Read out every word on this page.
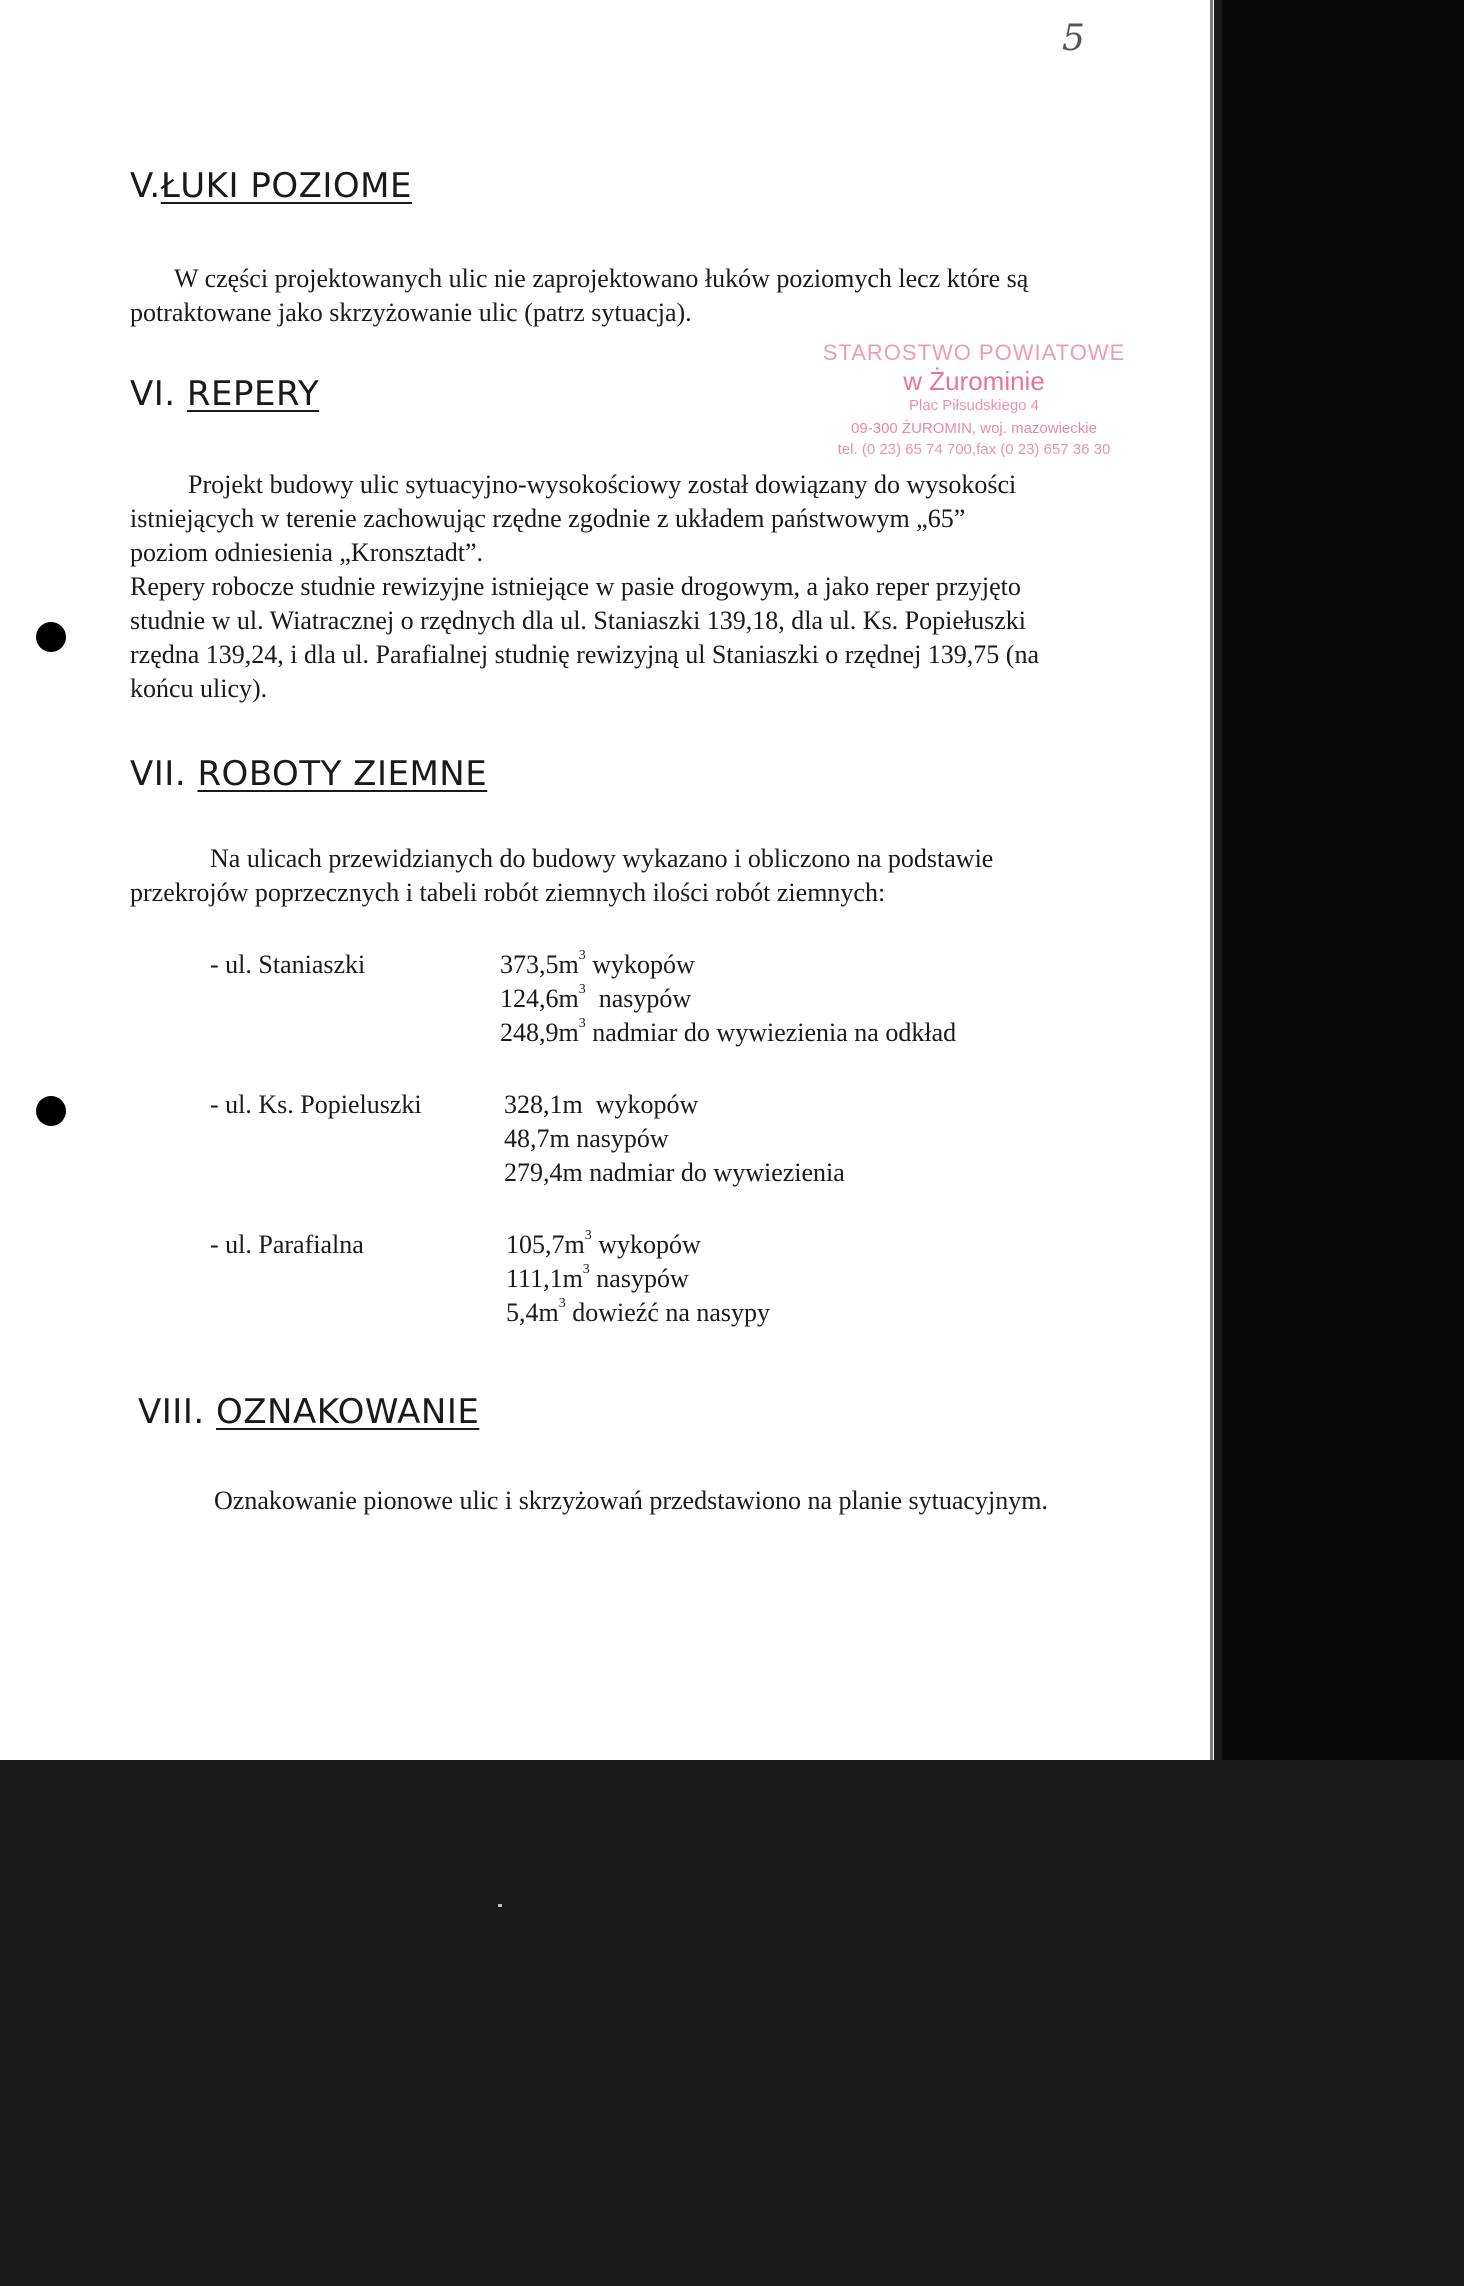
5
V.ŁUKI POZIOME
W części projektowanych ulic nie zaprojektowano łuków poziomych lecz które są potraktowane jako skrzyżowanie ulic (patrz sytuacja).
VI. REPERY
Projekt budowy ulic sytuacyjno-wysokościowy został dowiązany do wysokości
istniejących w terenie zachowując rzędne zgodnie z układem państwowym „65”
poziom odniesienia „Kronsztadt”.
Repery robocze studnie rewizyjne istniejące w pasie drogowym, a jako reper przyjęto
studnie w ul. Wiatracznej o rzędnych dla ul. Staniaszki 139,18, dla ul. Ks. Popiełuszki
rzędna 139,24, i dla ul. Parafialnej studnię rewizyjną ul Staniaszki o rzędnej 139,75 (na
końcu ulicy).
STAROSTWO POWIATOWE
w Żurominie
Plac Piłsudskiego 4
09-300 ŻUROMIN, woj. mazowieckie
tel. (0 23) 65 74 700,fax (0 23) 657 36 30
VII. ROBOTY ZIEMNE
Na ulicach przewidzianych do budowy wykazano i obliczono na podstawie
przekrojów poprzecznych i tabeli robót ziemnych ilości robót ziemnych:
- ul. Staniaszki	$373,5m^3$ wykopów
$124,6m^3$ nasypów
$248,9m^3$ nadmiar do wywiezienia na odkład
- ul. Ks. Popieluszki	328,1m wykopów
48,7m nasypów
279,4m nadmiar do wywiezienia
- ul. Parafialna	$105,7m^3$ wykopów
$111,1m^3$ nasypów
$5,4m^3$ dowieźć na nasypy
VIII. OZNAKOWANIE
Oznakowanie pionowe ulic i skrzyżowań przedstawiono na planie sytuacyjnym.
